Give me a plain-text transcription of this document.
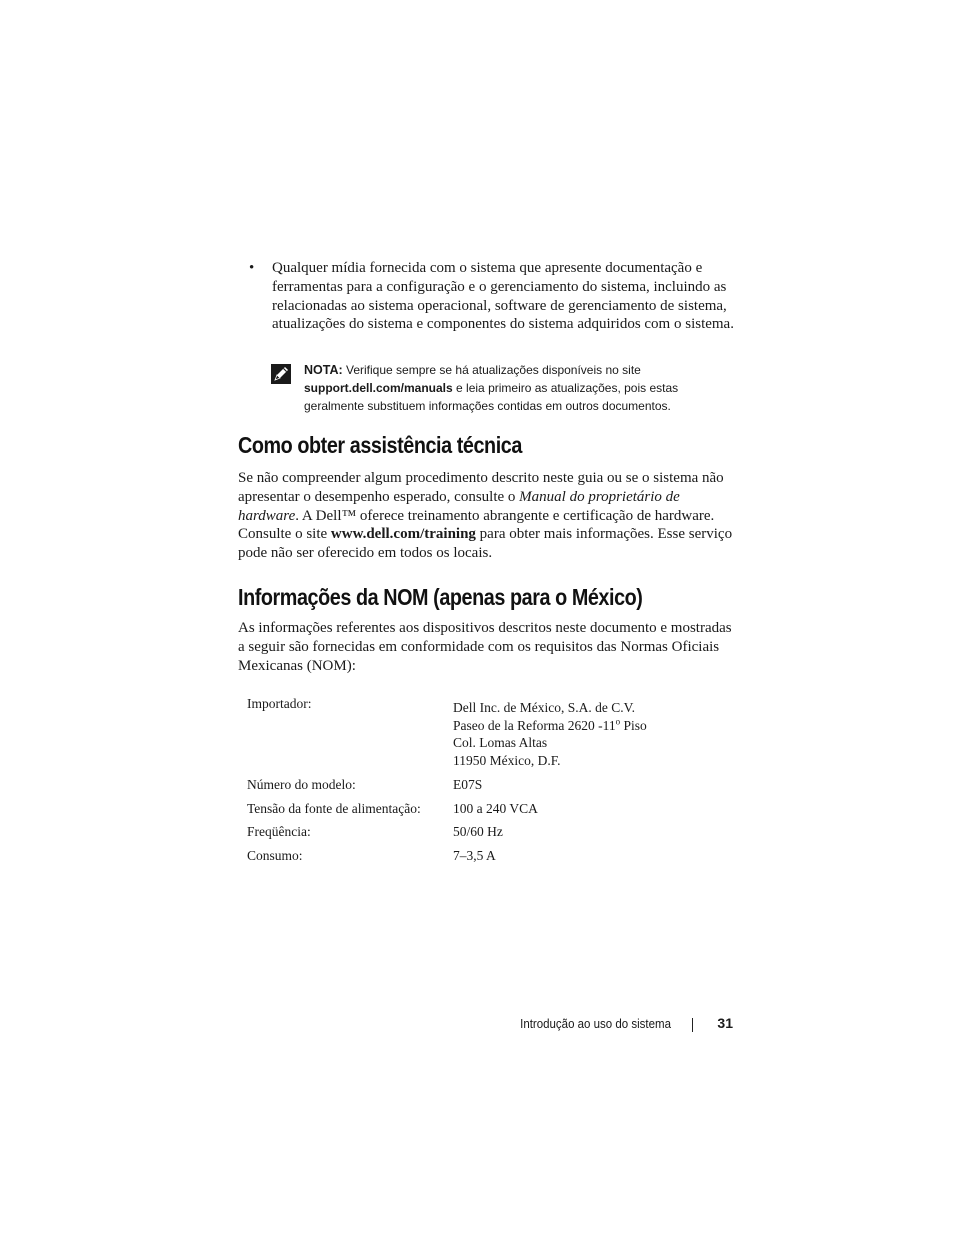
• Qualquer mídia fornecida com o sistema que apresente documentação e ferramentas para a configuração e o gerenciamento do sistema, incluindo as relacionadas ao sistema operacional, software de gerenciamento de sistema, atualizações do sistema e componentes do sistema adquiridos com o sistema.
NOTA: Verifique sempre se há atualizações disponíveis no site support.dell.com/manuals e leia primeiro as atualizações, pois estas geralmente substituem informações contidas em outros documentos.
Como obter assistência técnica
Se não compreender algum procedimento descrito neste guia ou se o sistema não apresentar o desempenho esperado, consulte o Manual do proprietário de hardware. A Dell™ oferece treinamento abrangente e certificação de hardware. Consulte o site www.dell.com/training para obter mais informações. Esse serviço pode não ser oferecido em todos os locais.
Informações da NOM (apenas para o México)
As informações referentes aos dispositivos descritos neste documento e mostradas a seguir são fornecidas em conformidade com os requisitos das Normas Oficiais Mexicanas (NOM):
Importador:	Dell Inc. de México, S.A. de C.V.
Paseo de la Reforma 2620 -11$^o$ Piso
Col. Lomas Altas
11950 México, D.F.

Número do modelo:	E07S
Tensão da fonte de alimentação:	100 a 240 VCA
Freqüência:	50/60 Hz
Consumo:	7–3,5 A
Introdução ao uso do sistema	31
